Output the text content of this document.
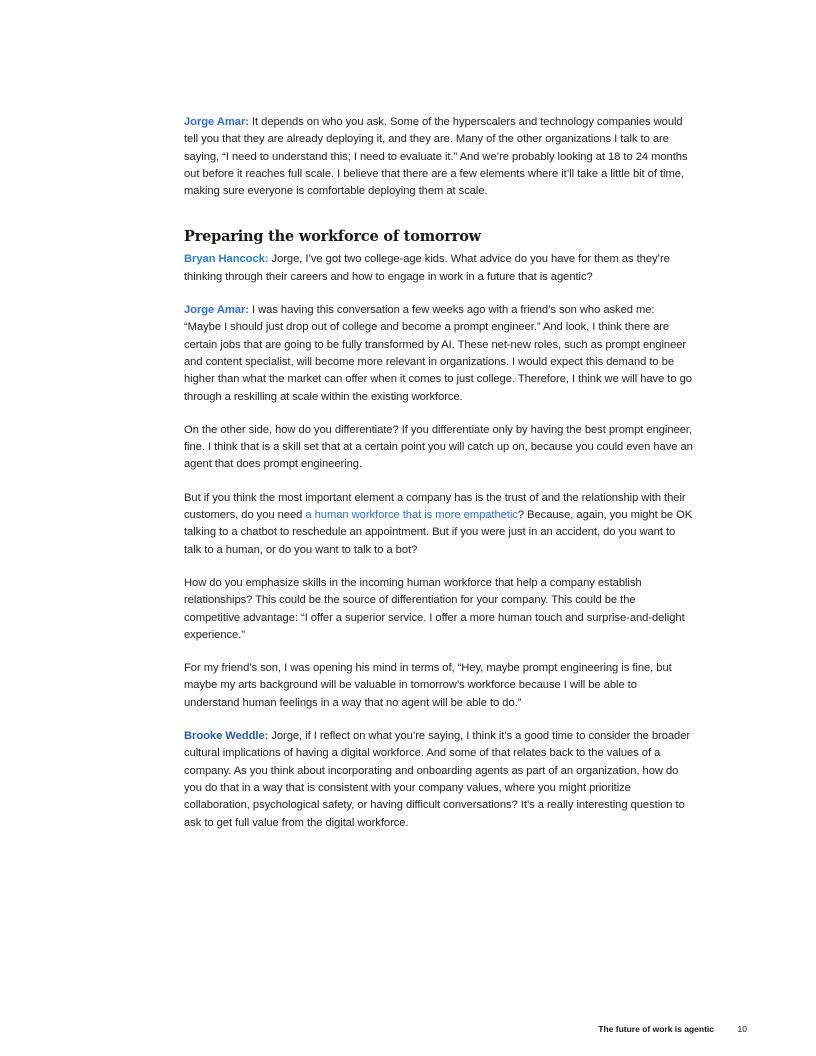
Jorge Amar: It depends on who you ask. Some of the hyperscalers and technology companies would tell you that they are already deploying it, and they are. Many of the other organizations I talk to are saying, “I need to understand this; I need to evaluate it.” And we’re probably looking at 18 to 24 months out before it reaches full scale. I believe that there are a few elements where it’ll take a little bit of time, making sure everyone is comfortable deploying them at scale.

Preparing the workforce of tomorrow

Bryan Hancock: Jorge, I’ve got two college-age kids. What advice do you have for them as they’re thinking through their careers and how to engage in work in a future that is agentic?

Jorge Amar: I was having this conversation a few weeks ago with a friend’s son who asked me: “Maybe I should just drop out of college and become a prompt engineer.” And look, I think there are certain jobs that are going to be fully transformed by AI. These net-new roles, such as prompt engineer and content specialist, will become more relevant in organizations. I would expect this demand to be higher than what the market can offer when it comes to just college. Therefore, I think we will have to go through a reskilling at scale within the existing workforce.

On the other side, how do you differentiate? If you differentiate only by having the best prompt engineer, fine. I think that is a skill set that at a certain point you will catch up on, because you could even have an agent that does prompt engineering.

But if you think the most important element a company has is the trust of and the relationship with their customers, do you need a human workforce that is more empathetic? Because, again, you might be OK talking to a chatbot to reschedule an appointment. But if you were just in an accident, do you want to talk to a human, or do you want to talk to a bot?

How do you emphasize skills in the incoming human workforce that help a company establish relationships? This could be the source of differentiation for your company. This could be the competitive advantage: “I offer a superior service. I offer a more human touch and surprise-and-delight experience.”

For my friend’s son, I was opening his mind in terms of, “Hey, maybe prompt engineering is fine, but maybe my arts background will be valuable in tomorrow’s workforce because I will be able to understand human feelings in a way that no agent will be able to do.”

Brooke Weddle: Jorge, if I reflect on what you’re saying, I think it’s a good time to consider the broader cultural implications of having a digital workforce. And some of that relates back to the values of a company. As you think about incorporating and onboarding agents as part of an organization, how do you do that in a way that is consistent with your company values, where you might prioritize collaboration, psychological safety, or having difficult conversations? It’s a really interesting question to ask to get full value from the digital workforce.

The future of work is agentic	10
